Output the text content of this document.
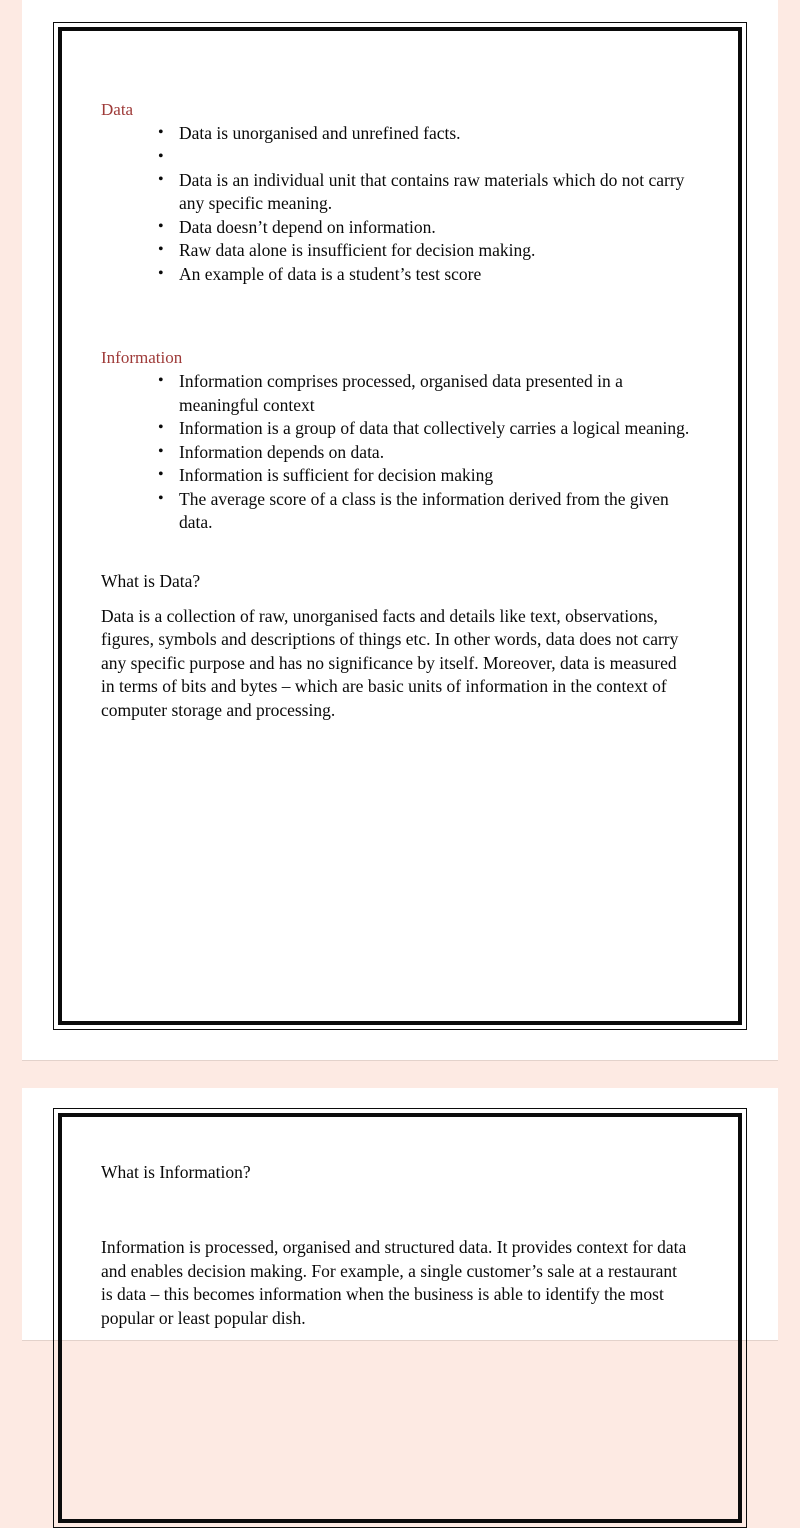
Data
• Data is unorganised and unrefined facts.
•
• Data is an individual unit that contains raw materials which do not carry any specific meaning.
• Data doesn’t depend on information.
• Raw data alone is insufficient for decision making.
• An example of data is a student’s test score
Information
• Information comprises processed, organised data presented in a meaningful context
• Information is a group of data that collectively carries a logical meaning.
• Information depends on data.
• Information is sufficient for decision making
• The average score of a class is the information derived from the given data.
What is Data?
Data is a collection of raw, unorganised facts and details like text, observations, figures, symbols and descriptions of things etc. In other words, data does not carry any specific purpose and has no significance by itself. Moreover, data is measured in terms of bits and bytes – which are basic units of information in the context of computer storage and processing.
What is Information?
Information is processed, organised and structured data. It provides context for data and enables decision making. For example, a single customer’s sale at a restaurant is data – this becomes information when the business is able to identify the most popular or least popular dish.
